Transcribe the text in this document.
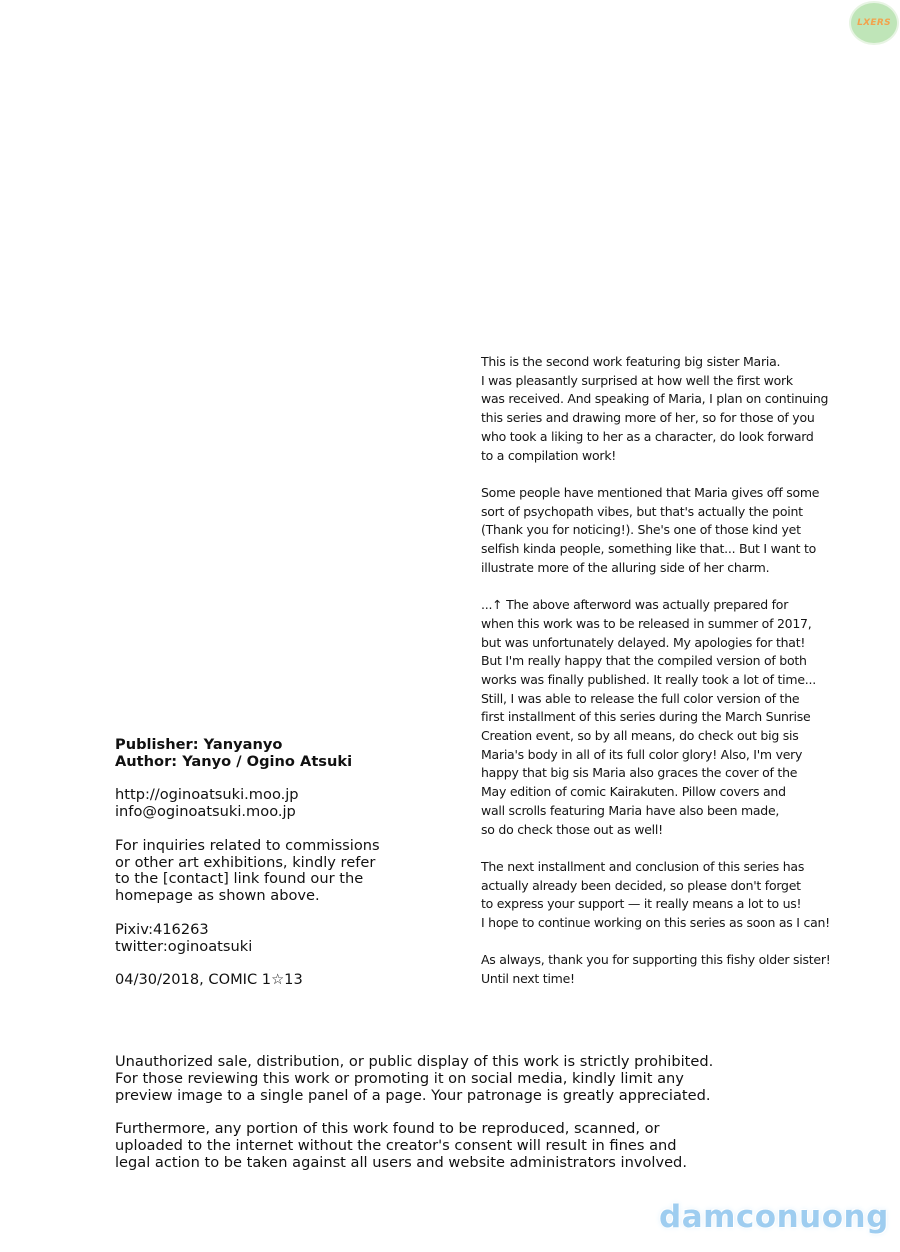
LXERS
This is the second work featuring big sister Maria.
I was pleasantly surprised at how well the first work
was received. And speaking of Maria, I plan on continuing
this series and drawing more of her, so for those of you
who took a liking to her as a character, do look forward
to a compilation work!
Some people have mentioned that Maria gives off some
sort of psychopath vibes, but that's actually the point
(Thank you for noticing!). She's one of those kind yet
selfish kinda people, something like that... But I want to
illustrate more of the alluring side of her charm.
...↑ The above afterword was actually prepared for
when this work was to be released in summer of 2017,
but was unfortunately delayed. My apologies for that!
But I'm really happy that the compiled version of both
works was finally published. It really took a lot of time...
Still, I was able to release the full color version of the
first installment of this series during the March Sunrise
Creation event, so by all means, do check out big sis
Maria's body in all of its full color glory! Also, I'm very
happy that big sis Maria also graces the cover of the
May edition of comic Kairakuten. Pillow covers and
wall scrolls featuring Maria have also been made,
so do check those out as well!
The next installment and conclusion of this series has
actually already been decided, so please don't forget
to express your support — it really means a lot to us!
I hope to continue working on this series as soon as I can!
As always, thank you for supporting this fishy older sister!
Until next time!
Publisher: Yanyanyo
Author: Yanyo / Ogino Atsuki
http://oginoatsuki.moo.jp
info@oginoatsuki.moo.jp
For inquiries related to commissions
or other art exhibitions, kindly refer
to the [contact] link found our the
homepage as shown above.
Pixiv:416263
twitter:oginoatsuki
04/30/2018, COMIC 1☆13
Unauthorized sale, distribution, or public display of this work is strictly prohibited.
For those reviewing this work or promoting it on social media, kindly limit any
preview image to a single panel of a page. Your patronage is greatly appreciated.
Furthermore, any portion of this work found to be reproduced, scanned, or
uploaded to the internet without the creator's consent will result in fines and
legal action to be taken against all users and website administrators involved.
damconuong
